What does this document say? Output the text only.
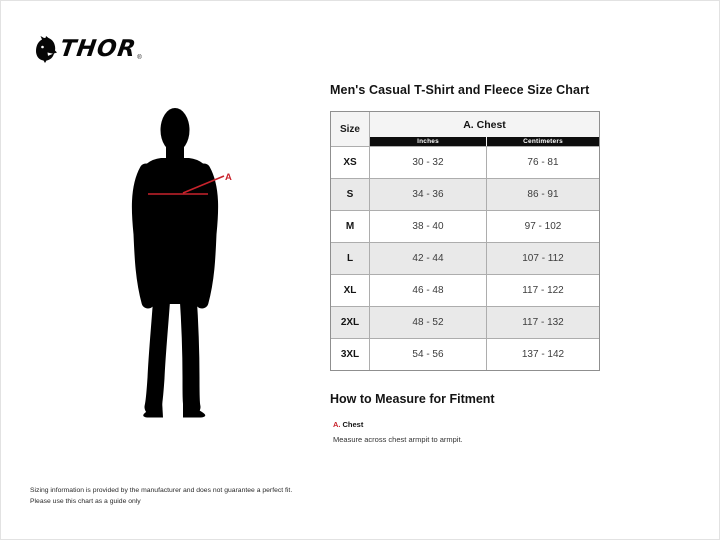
THOR ®
A
Men's Casual T-Shirt and Fleece Size Chart
Size	A. Chest
Inches	Centimeters
XS	30 - 32	76 - 81
S	34 - 36	86 - 91
M	38 - 40	97 - 102
L	42 - 44	107 - 112
XL	46 - 48	117 - 122
2XL	48 - 52	117 - 132
3XL	54 - 56	137 - 142
How to Measure for Fitment
A. Chest
Measure across chest armpit to armpit.
Sizing information is provided by the manufacturer and does not guarantee a perfect fit.
Please use this chart as a guide only
